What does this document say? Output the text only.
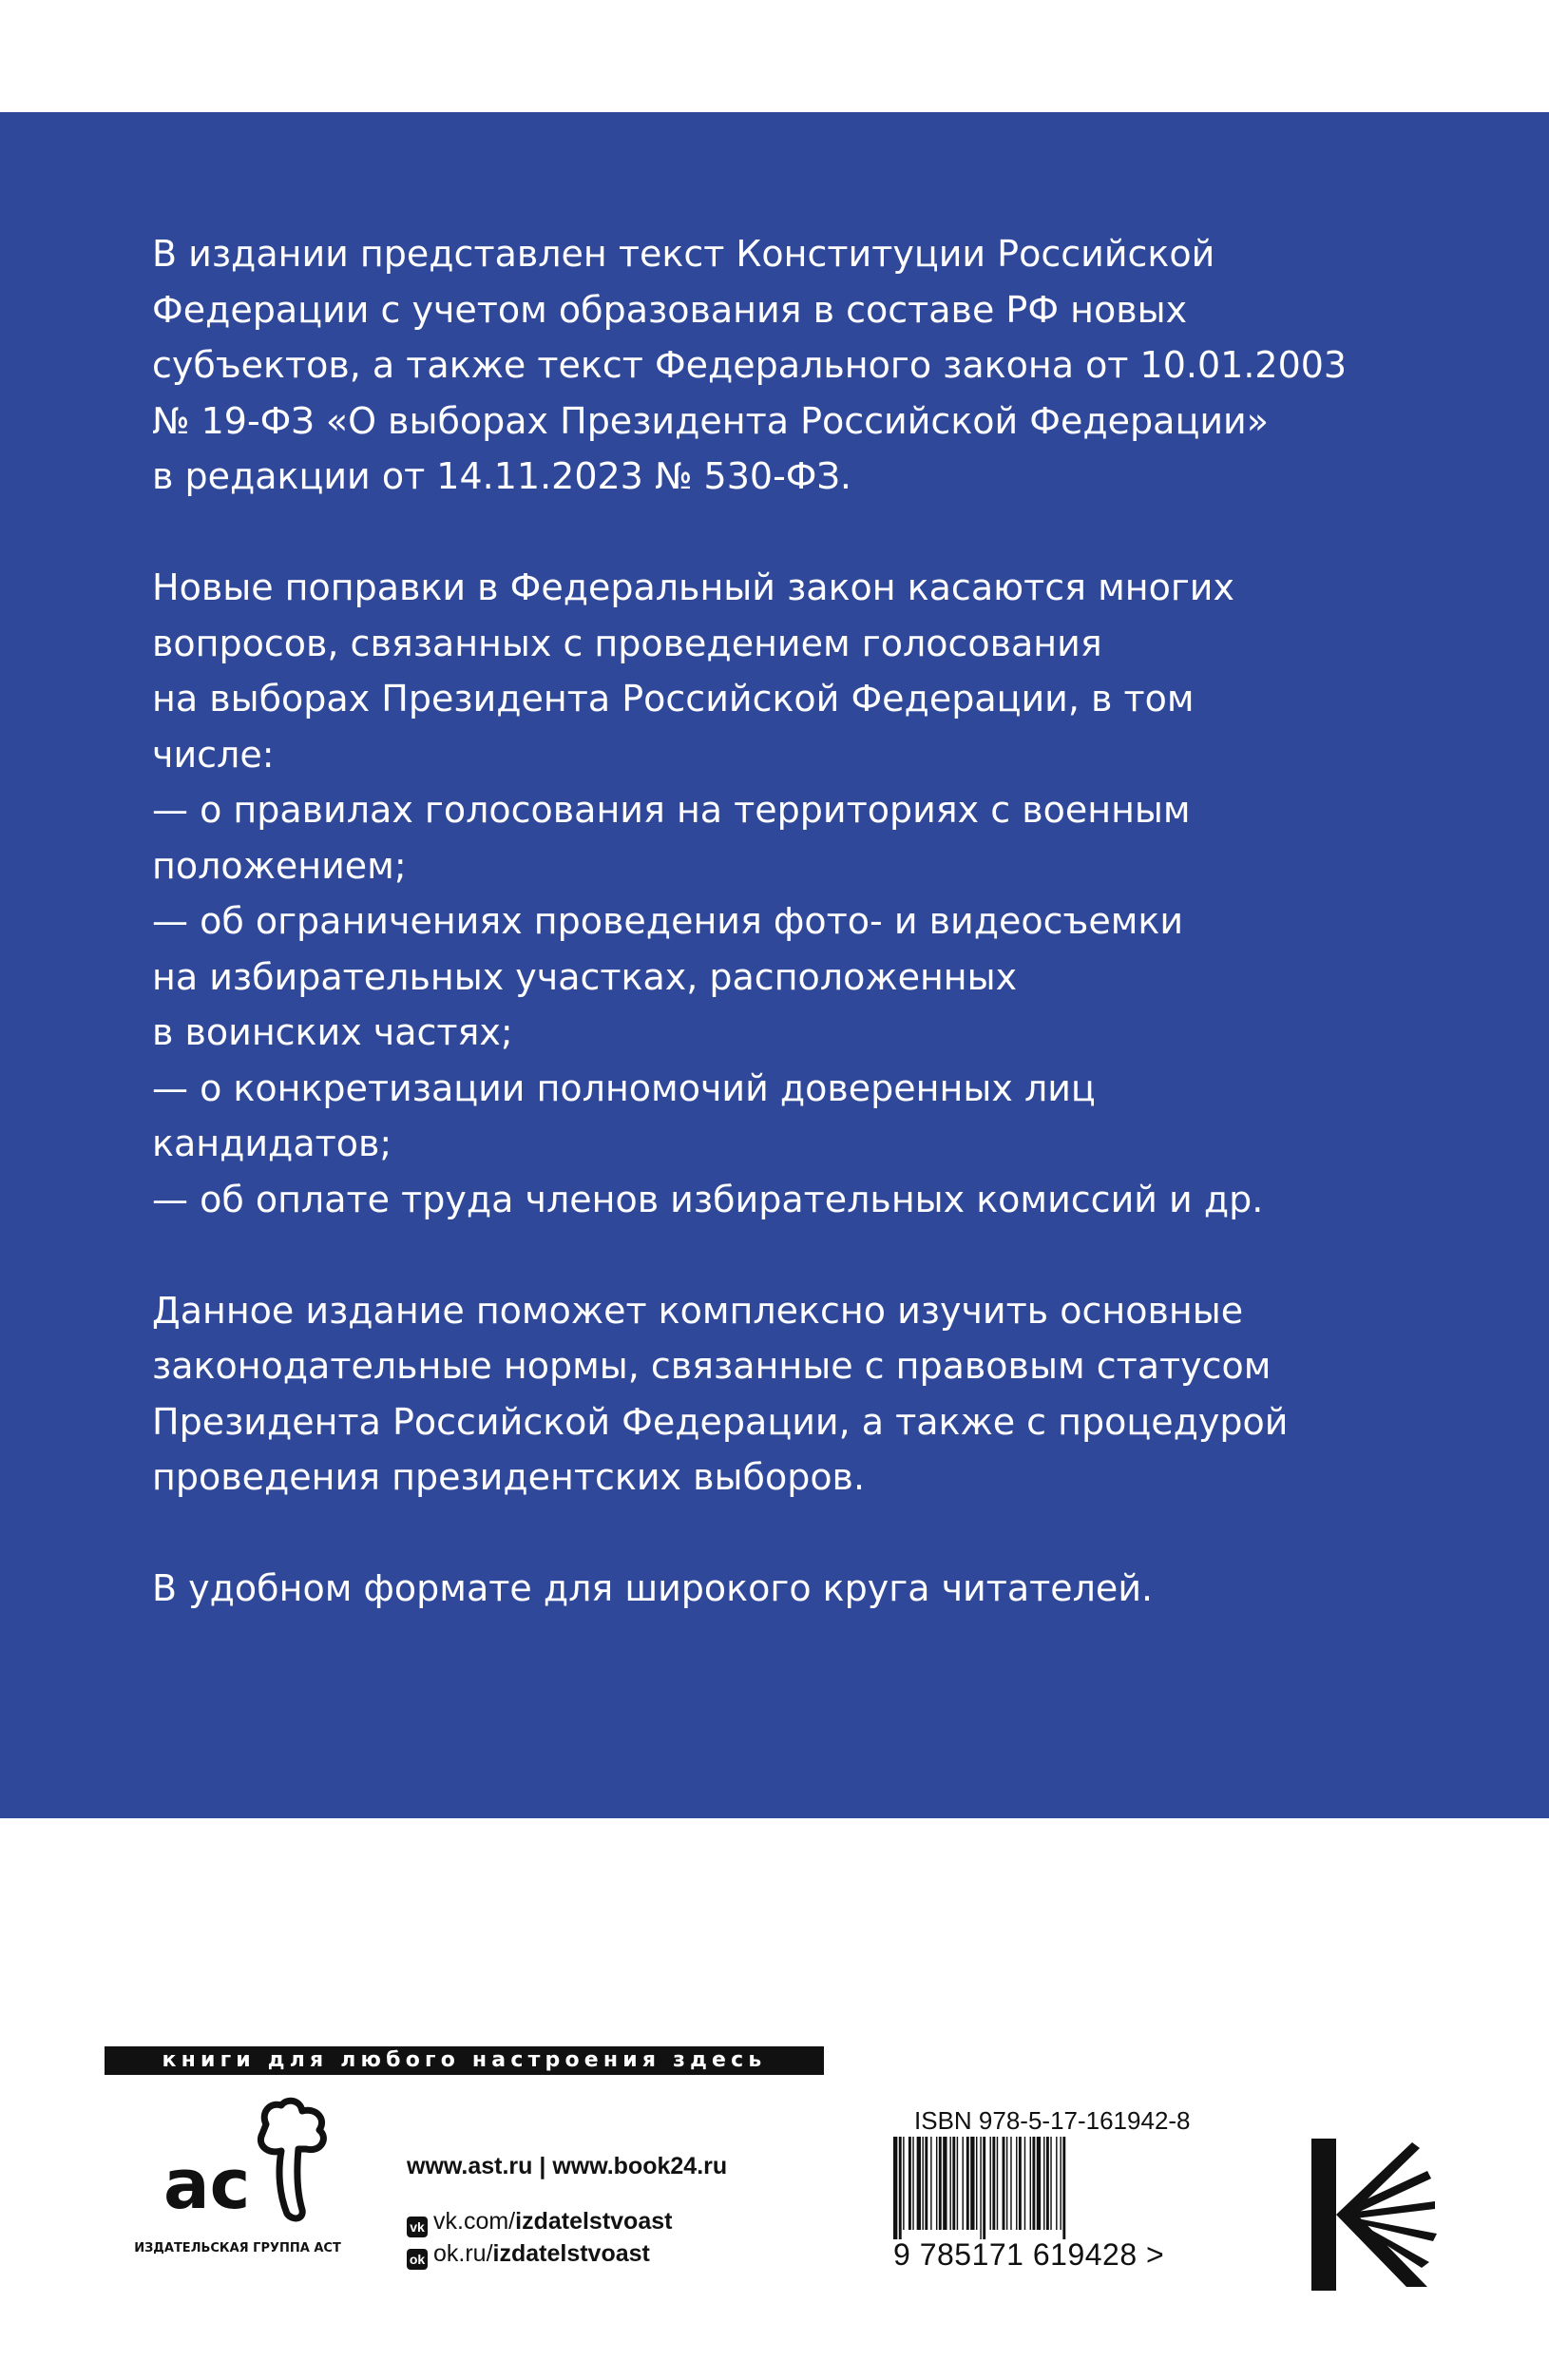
В издании представлен текст Конституции Российской
Федерации с учетом образования в составе РФ новых
субъектов, а также текст Федерального закона от 10.01.2003
№ 19-ФЗ «О выборах Президента Российской Федерации»
в редакции от 14.11.2023 № 530-ФЗ.

Новые поправки в Федеральный закон касаются многих
вопросов, связанных с проведением голосования
на выборах Президента Российской Федерации, в том
числе:
— о правилах голосования на территориях с военным
положением;
— об ограничениях проведения фото- и видеосъемки
на избирательных участках, расположенных
в воинских частях;
— о конкретизации полномочий доверенных лиц
кандидатов;
— об оплате труда членов избирательных комиссий и др.

Данное издание поможет комплексно изучить основные
законодательные нормы, связанные с правовым статусом
Президента Российской Федерации, а также с процедурой
проведения президентских выборов.

В удобном формате для широкого круга читателей.

книги для любого настроения здесь
ас
ИЗДАТЕЛЬСКАЯ ГРУППА АСТ
www.ast.ru | www.book24.ru
vk vk.com/izdatelstvoast
ok ok.ru/izdatelstvoast
ISBN 978-5-17-161942-8
9 785171 619428 >
